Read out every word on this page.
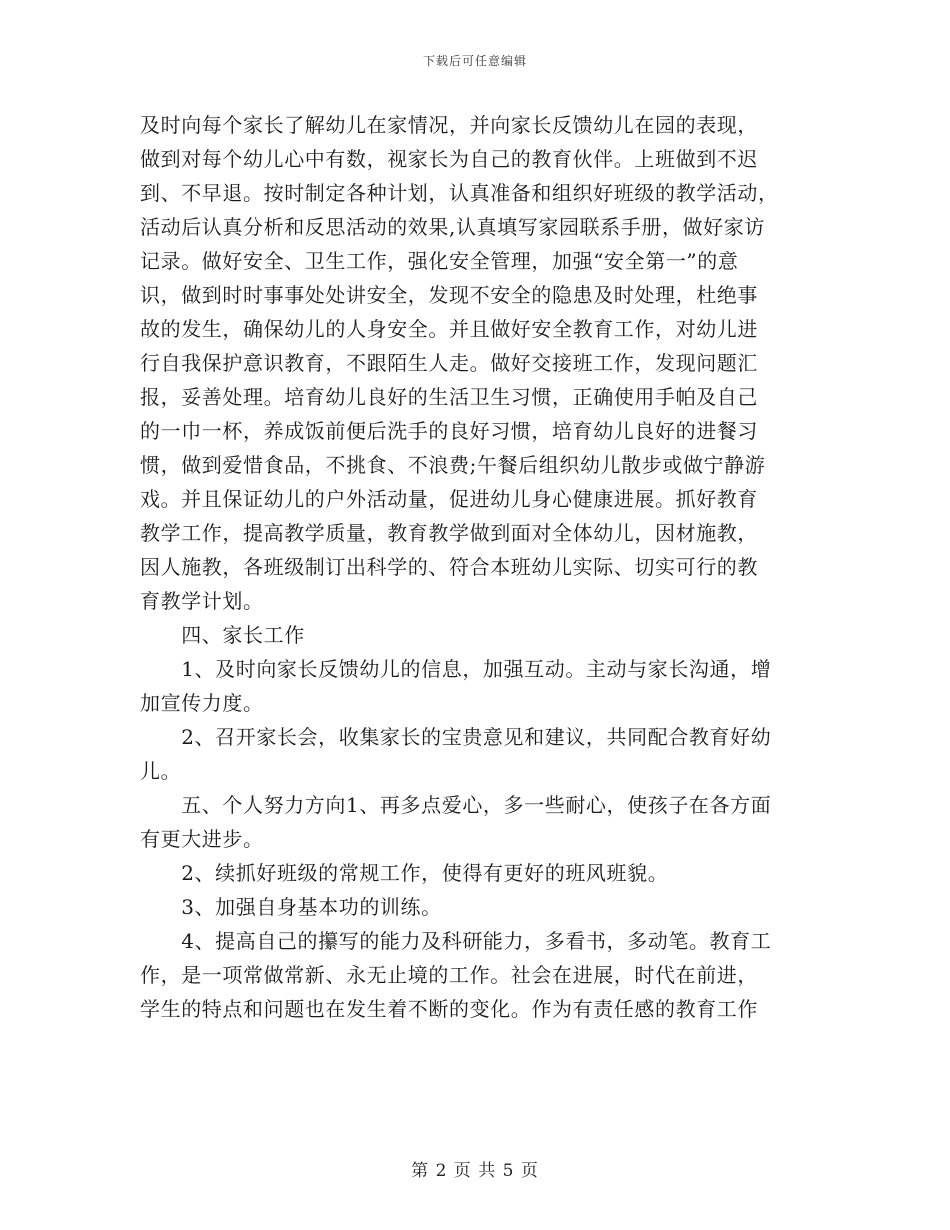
下载后可任意编辑
及时向每个家长了解幼儿在家情况，并向家长反馈幼儿在园的表现，
做到对每个幼儿心中有数，视家长为自己的教育伙伴。上班做到不迟
到、不早退。按时制定各种计划，认真准备和组织好班级的教学活动，
活动后认真分析和反思活动的效果,认真填写家园联系手册，做好家访
记录。做好安全、卫生工作，强化安全管理，加强“安全第一”的意
识，做到时时事事处处讲安全，发现不安全的隐患及时处理，杜绝事
故的发生，确保幼儿的人身安全。并且做好安全教育工作，对幼儿进
行自我保护意识教育，不跟陌生人走。做好交接班工作，发现问题汇
报，妥善处理。培育幼儿良好的生活卫生习惯，正确使用手帕及自己
的一巾一杯，养成饭前便后洗手的良好习惯，培育幼儿良好的进餐习
惯，做到爱惜食品，不挑食、不浪费;午餐后组织幼儿散步或做宁静游
戏。并且保证幼儿的户外活动量，促进幼儿身心健康进展。抓好教育
教学工作，提高教学质量，教育教学做到面对全体幼儿，因材施教，
因人施教，各班级制订出科学的、符合本班幼儿实际、切实可行的教
育教学计划。
　　四、家长工作
　　1、及时向家长反馈幼儿的信息，加强互动。主动与家长沟通，增
加宣传力度。
　　2、召开家长会，收集家长的宝贵意见和建议，共同配合教育好幼
儿。
　　五、个人努力方向1、再多点爱心，多一些耐心，使孩子在各方面
有更大进步。
　　2、续抓好班级的常规工作，使得有更好的班风班貌。
　　3、加强自身基本功的训练。
　　4、提高自己的攥写的能力及科研能力，多看书，多动笔。教育工
作，是一项常做常新、永无止境的工作。社会在进展，时代在前进，
学生的特点和问题也在发生着不断的变化。作为有责任感的教育工作
第 2 页 共 5 页
